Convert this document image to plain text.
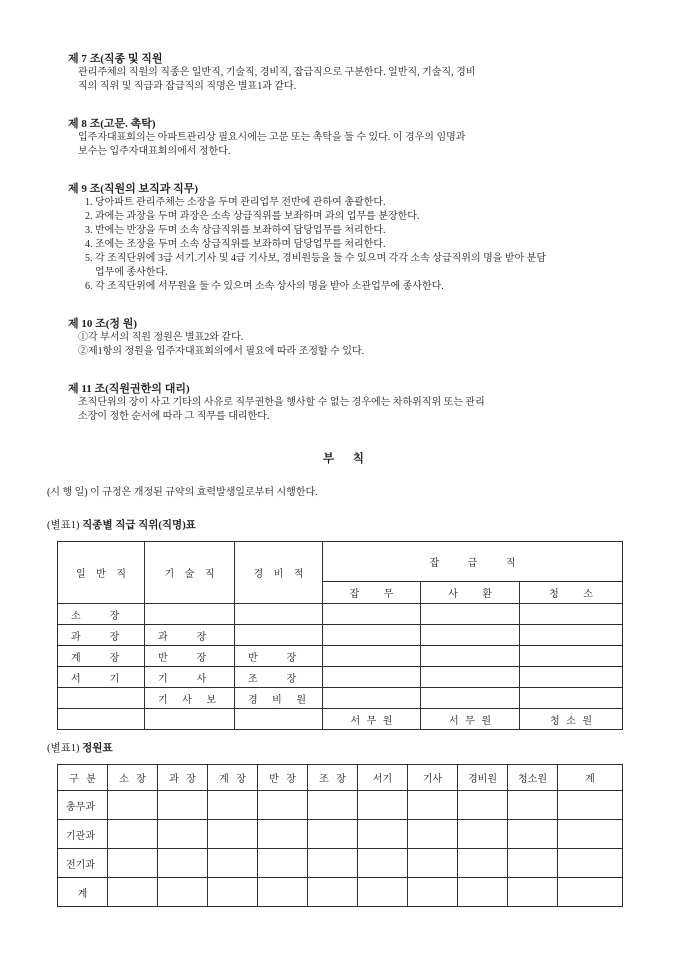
제 7 조(직종 및 직원
관리주체의 직원의 직종은 일반직, 기술직, 경비직, 잡급직으로 구분한다. 일반직, 기술직, 경비
직의 직위 및 직급과 잡급직의 직명은 별표1과 같다.
제 8 조(고문. 촉탁)
입주자대표회의는 아파트관리상 필요시에는 고문 또는 촉탁을 둘 수 있다. 이 경우의 임명과
보수는 입주자대표회의에서 정한다.
제 9 조(직원의 보직과 직무)
1. 당아파트 관리주체는 소장을 두며 관리업무 전반에 관하여 총괄한다.
2. 과에는 과장을 두며 과장은 소속 상급직위를 보좌하며 과의 업무를 분장한다.
3. 반에는 반장을 두며 소속 상급직위를 보좌하여 담당업무를 처리한다.
4. 조에는 조장을 두며 소속 상급직위를 보좌하며 담당업무를 처리한다.
5. 각 조직단위에 3급 서기.기사 및 4급 기사보, 경비원등을 둘 수 있으며 각각 소속 상급직위의 명을 받아 분담
업무에 종사한다.
6. 각 조직단위에 서무원을 둘 수 있으며 소속 상사의 명을 받아 소관업무에 종사한다.
제 10 조(정 원)
①각 부서의 직원 정원은 별표2와 같다.
②제1항의 정원을 입주자대표회의에서 필요에 따라 조정할 수 있다.
제 11 조(직원권한의 대리)
조직단위의 장이 사고 기타의 사유로 직무권한을 행사할 수 없는 경우에는 차하위직위 또는 관리
소장이 정한 순서에 따라 그 직무를 대리한다.
부 칙
(시 행 일) 이 규정은 개정된 규약의 효력발생일로부터 시행한다.
(별표1) 직종별 직급 직위(직명)표
일 반 직	기 술 직	경 비 적	잡 급 직		
			잡 무	사 환	청 소
소  장					
과  장	과  장				
계  장	반  장	반  장			
서  기	기  사	조  장			
	기 사 보	경 비 원			
			서 무 원	서 무 원	청 소 원
(별표1) 정원표
구 분	소 장	과 장	계 장	반 장	조 장	서기	기사	경비원	청소원	계
총무과										
기관과										
전기과										
계										
